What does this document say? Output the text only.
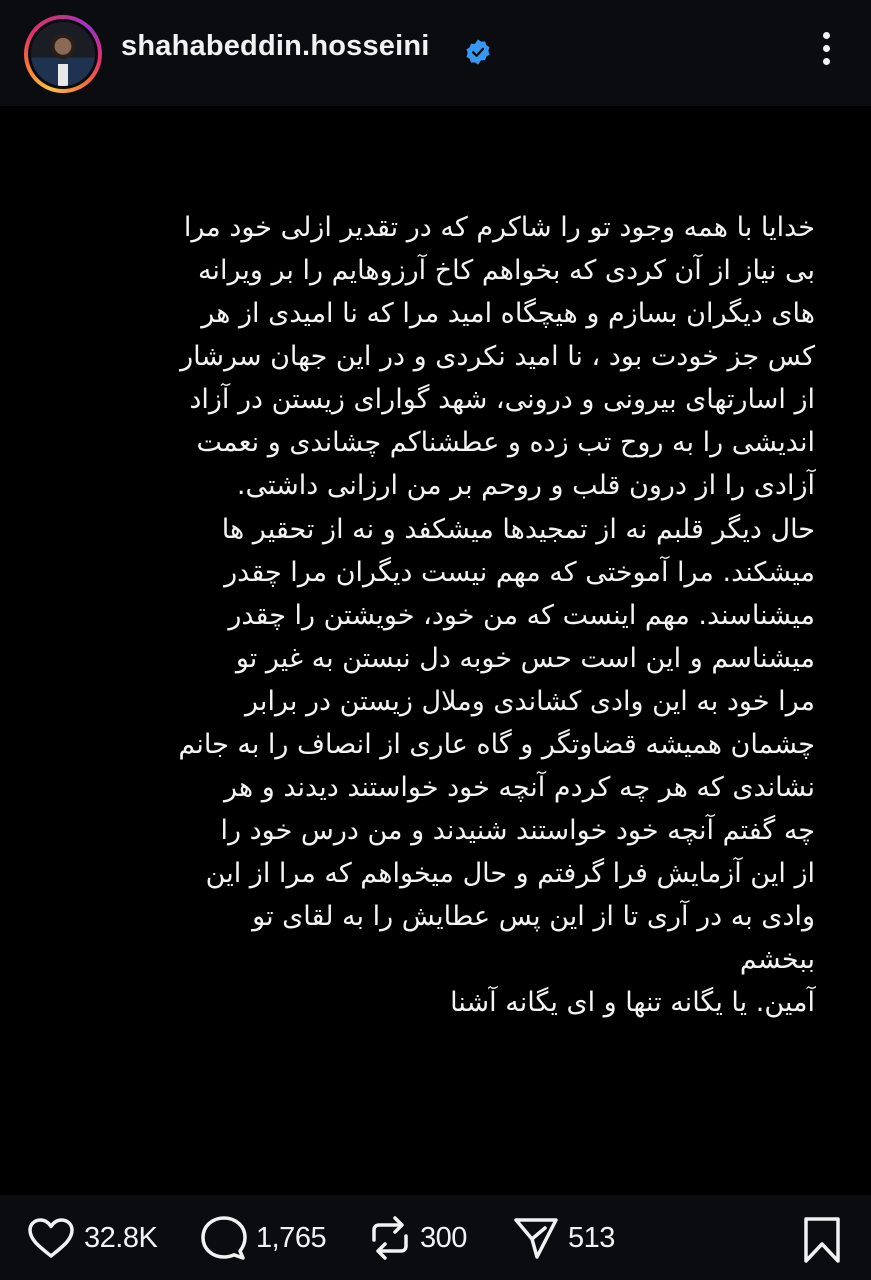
shahabeddin.hosseini
خدایا با همه وجود تو را شاکرم که در تقدیر ازلی خود مرا
بی نیاز از آن کردی که بخواهم کاخ آرزوهایم را بر ویرانه
های دیگران بسازم و هیچگاه امید مرا که نا امیدی از هر
کس جز خودت بود ، نا امید نکردی و در این جهان سرشار
از اسارتهای بیرونی و درونی، شهد گوارای زیستن در آزاد
اندیشی را به روح تب زده و عطشناکم چشاندی و نعمت
آزادی را از درون قلب و روحم بر من ارزانی داشتی.
حال دیگر قلبم نه از تمجیدها میشکفد و نه از تحقیر ها
میشکند. مرا آموختی که مهم نیست دیگران مرا چقدر
میشناسند. مهم اینست که من خود، خویشتن را چقدر
میشناسم و این است حس خوبه دل نبستن به غیر تو
مرا خود به این وادی کشاندی وملال زیستن در برابر
چشمان همیشه قضاوتگر و گاه عاری از انصاف را به جانم
نشاندی که هر چه کردم آنچه خود خواستند دیدند و هر
چه گفتم آنچه خود خواستند شنیدند و من درس خود را
از این آزمایش فرا گرفتم و حال میخواهم که مرا از این
وادی به در آری تا از این پس عطایش را به لقای تو
ببخشم
آمین. یا یگانه تنها و ای یگانه آشنا
32.8K	1,765	300	513
